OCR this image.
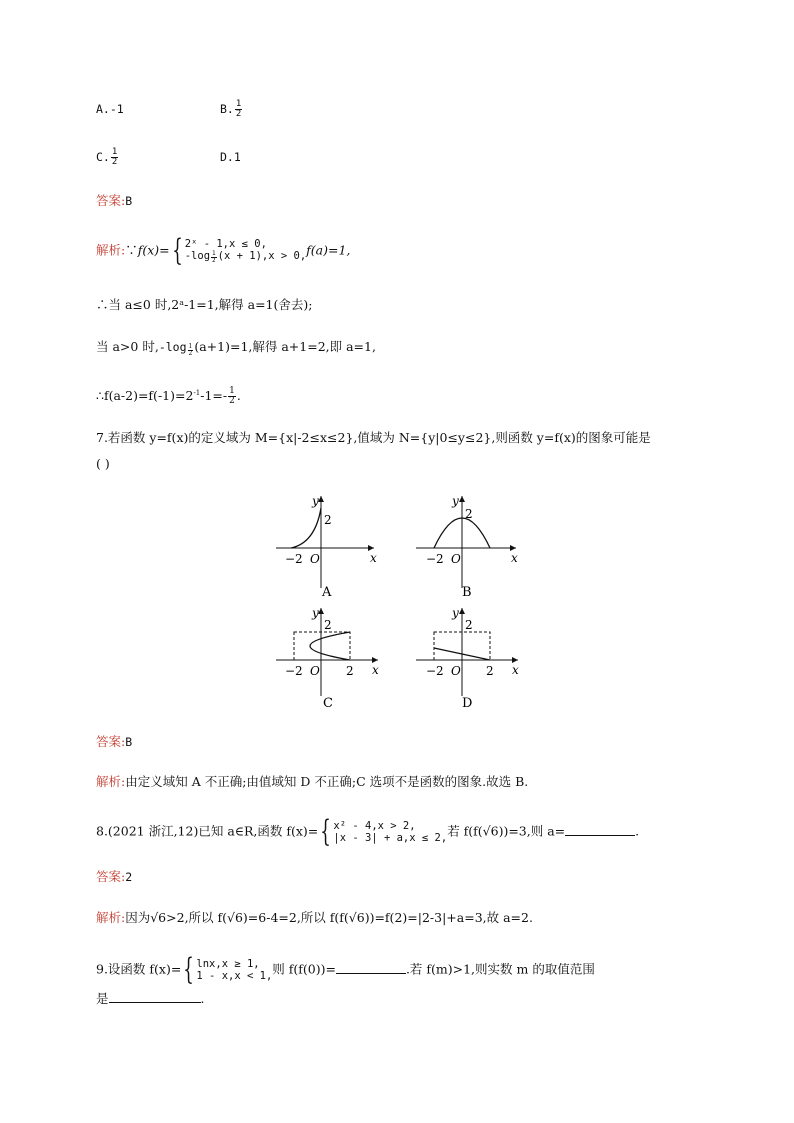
A.-1	B. $\frac{1}{2}$
C. $\frac{1}{2}$	D.1
答案:B
解析:∵f(x)={ 2ˣ - 1,x ≤ 0,
$-\log \frac{1}{2} (x + 1),x > 0$, f(a)=1,
∴当 a≤0 时,2ᵃ-1=1,解得 a=1(舍去);
当 a>0 时$,-\log \frac{1}{2} (a+1)=1$,解得 a+1=2,即 a=1,
$\therefore f(a-2)=f(-1)=2^{-1}-1=- \frac{1}{2}$ .
7.若函数 y=f(x)的定义域为 M={x|-2≤x≤2},值域为 N={y|0≤y≤2},则函数 y=f(x)的图象可能是
( )
y
x
O
2
−2
A
y
x
O
2
−2
B
y
x
O
2
−2	2
C
y
x
O
2
−2	2
D
答案:B
解析:由定义域知 A 不正确;由值域知 D 不正确;C 选项不是函数的图象.故选 B.
8.(2021 浙江,12)已知 a∈R,函数 f(x)={ x² - 4,x > 2,
|x - 3| + a,x ≤ 2, 若 f(f(√6))=3,则 a=	.
答案:2
解析:因为√6>2,所以 f(√6)=6-4=2,所以 f(f(√6))=f(2)=|2-3|+a=3,故 a=2.
9.设函数 f(x)={ lnx,x ≥ 1,
1 - x,x < 1, 则 f(f(0))=	.若 f(m)>1,则实数 m 的取值范围
是	.
